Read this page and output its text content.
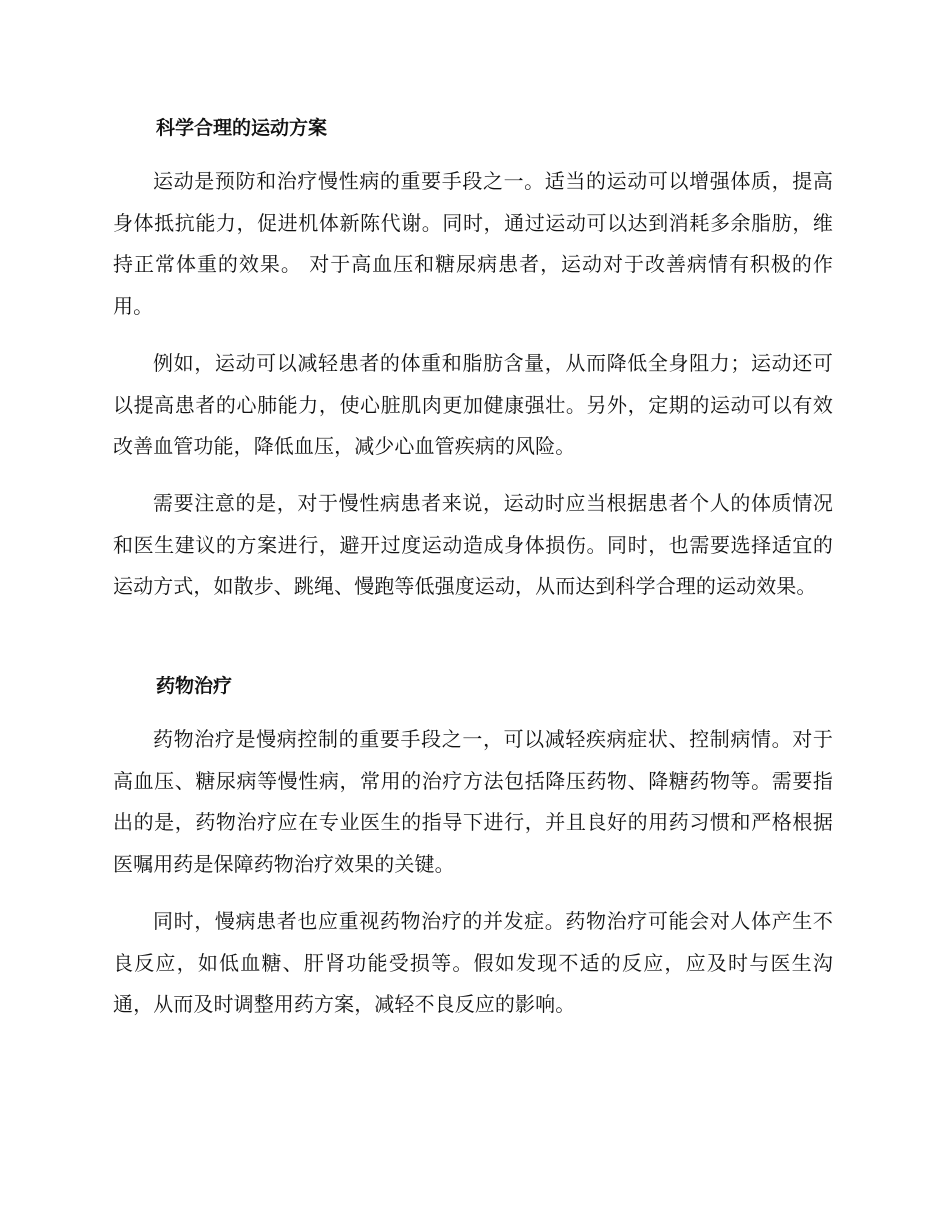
科学合理的运动方案

运动是预防和治疗慢性病的重要手段之一。适当的运动可以增强体质，提高身体抵抗能力，促进机体新陈代谢。同时，通过运动可以达到消耗多余脂肪，维持正常体重的效果。 对于高血压和糖尿病患者，运动对于改善病情有积极的作用。

例如，运动可以减轻患者的体重和脂肪含量，从而降低全身阻力；运动还可以提高患者的心肺能力，使心脏肌肉更加健康强壮。另外，定期的运动可以有效改善血管功能，降低血压，减少心血管疾病的风险。

需要注意的是，对于慢性病患者来说，运动时应当根据患者个人的体质情况和医生建议的方案进行，避开过度运动造成身体损伤。同时，也需要选择适宜的运动方式，如散步、跳绳、慢跑等低强度运动，从而达到科学合理的运动效果。

药物治疗

药物治疗是慢病控制的重要手段之一，可以减轻疾病症状、控制病情。对于高血压、糖尿病等慢性病，常用的治疗方法包括降压药物、降糖药物等。需要指出的是，药物治疗应在专业医生的指导下进行，并且良好的用药习惯和严格根据医嘱用药是保障药物治疗效果的关键。

同时，慢病患者也应重视药物治疗的并发症。药物治疗可能会对人体产生不良反应，如低血糖、肝肾功能受损等。假如发现不适的反应，应及时与医生沟通，从而及时调整用药方案，减轻不良反应的影响。
